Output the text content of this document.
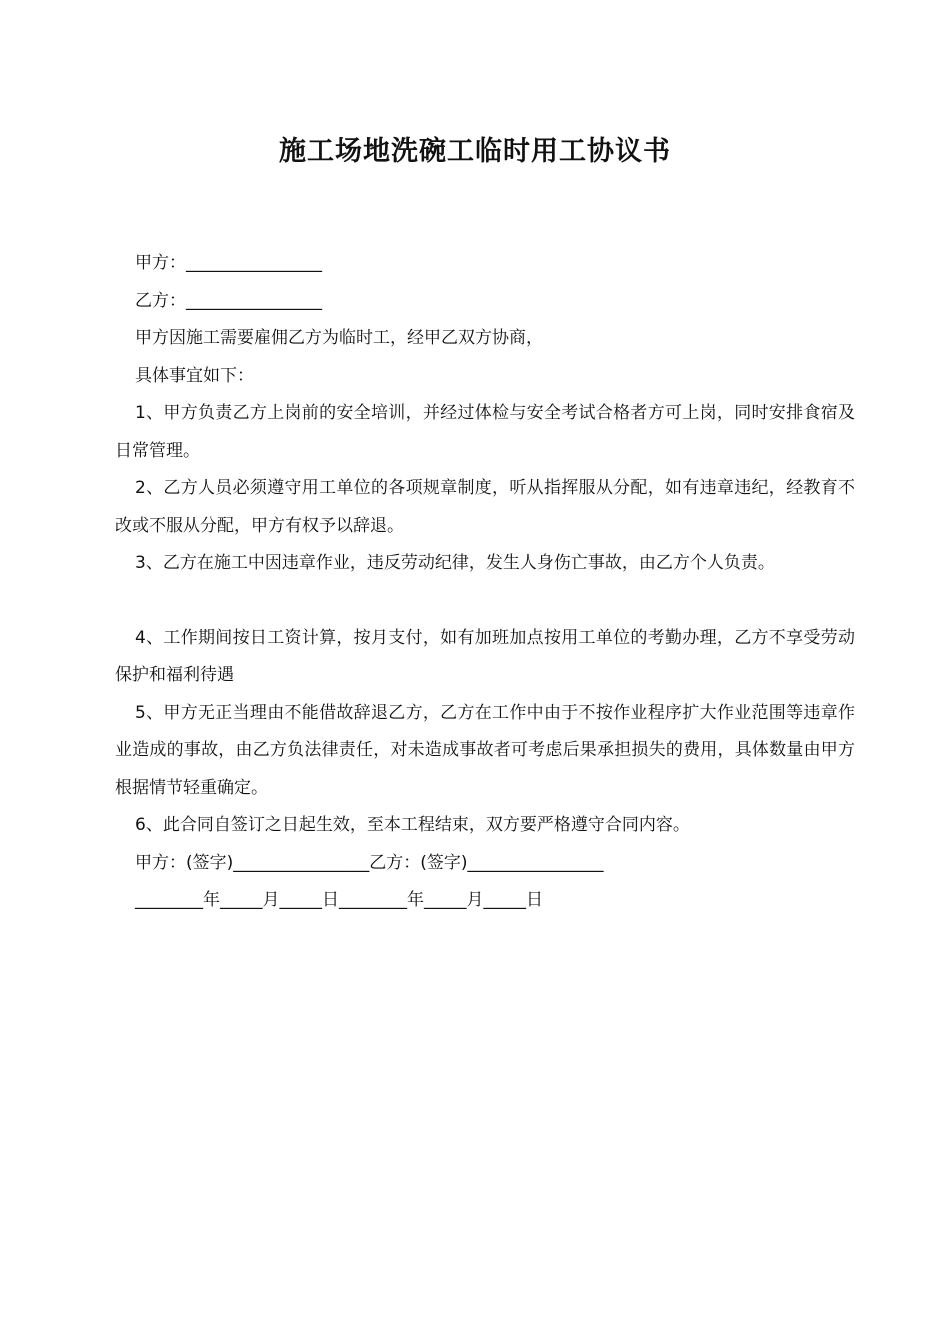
施工场地洗碗工临时用工协议书

甲方：________________

乙方：________________

甲方因施工需要雇佣乙方为临时工，经甲乙双方协商，

具体事宜如下：

1、甲方负责乙方上岗前的安全培训，并经过体检与安全考试合格者方可上岗，同时安排食宿及日常管理。

2、乙方人员必须遵守用工单位的各项规章制度，听从指挥服从分配，如有违章违纪，经教育不改或不服从分配，甲方有权予以辞退。

3、乙方在施工中因违章作业，违反劳动纪律，发生人身伤亡事故，由乙方个人负责。

4、工作期间按日工资计算，按月支付，如有加班加点按用工单位的考勤办理，乙方不享受劳动保护和福利待遇

5、甲方无正当理由不能借故辞退乙方，乙方在工作中由于不按作业程序扩大作业范围等违章作业造成的事故，由乙方负法律责任，对未造成事故者可考虑后果承担损失的费用，具体数量由甲方根据情节轻重确定。

6、此合同自签订之日起生效，至本工程结束，双方要严格遵守合同内容。

甲方：(签字)________________乙方：(签字)________________

________年_____月_____日________年_____月_____日
